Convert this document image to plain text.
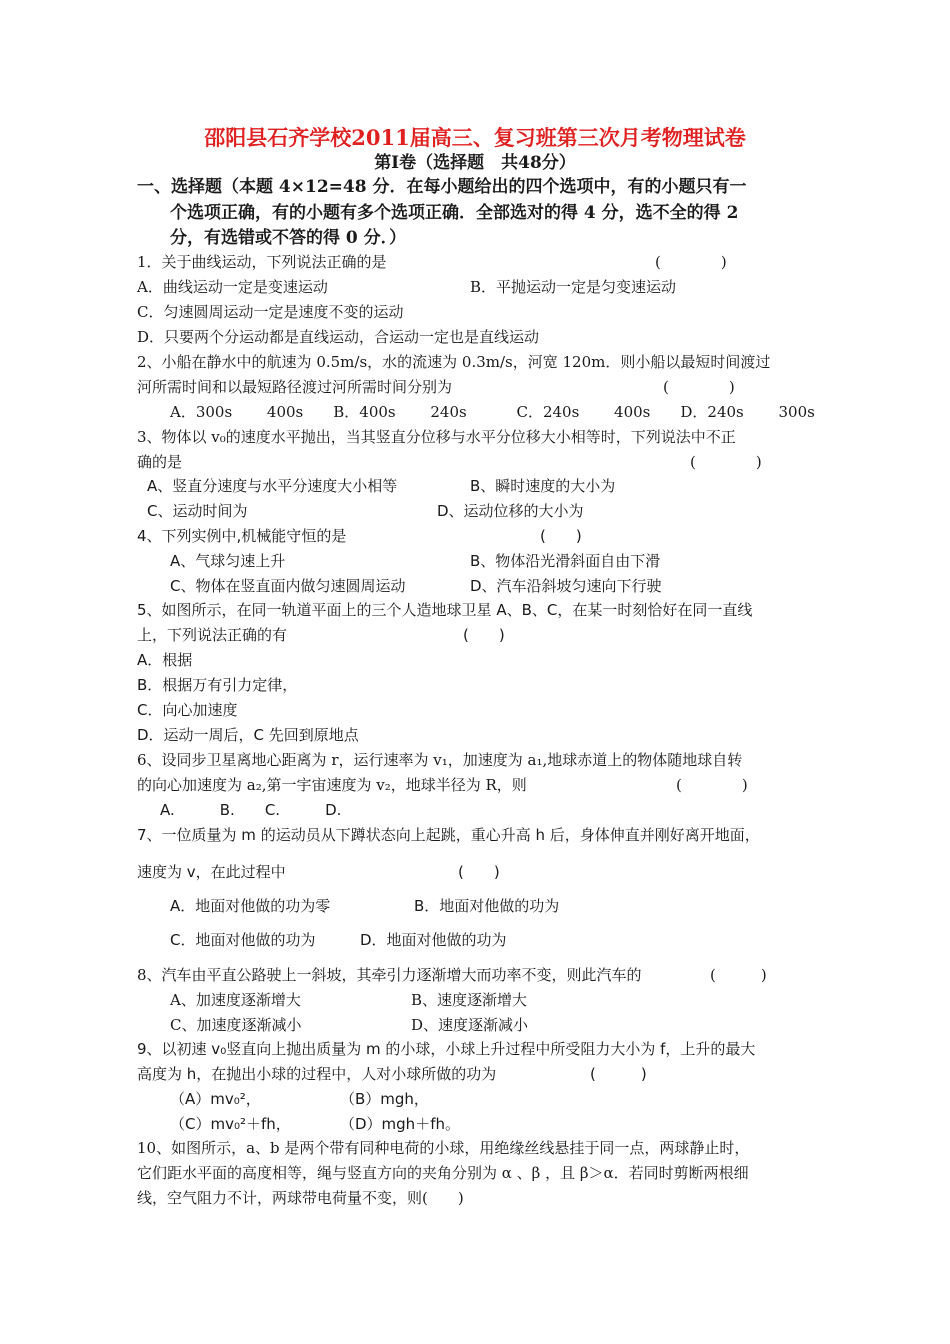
邵阳县石齐学校2011届高三、复习班第三次月考物理试卷
第Ⅰ卷（选择题　共48分）
一、选择题（本题 4×12=48 分．在每小题给出的四个选项中，有的小题只有一
个选项正确，有的小题有多个选项正确．全部选对的得 4 分，选不全的得 2
分，有选错或不答的得 0 分．）
1．关于曲线运动，下列说法正确的是	(　　　　)
A．曲线运动一定是变速运动	B．平抛运动一定是匀变速运动
C．匀速圆周运动一定是速度不变的运动
D．只要两个分运动都是直线运动，合运动一定也是直线运动
2、小船在静水中的航速为 0.5m/s，水的流速为 0.3m/s，河宽 120m．则小船以最短时间渡过
河所需时间和以最短路径渡过河所需时间分别为	(　　　　)
A．300s　　 400s　　B．400s　　 240s　　　 C．240s　　 400s　　D．240s　　 300s
3、物体以 v₀的速度水平抛出，当其竖直分位移与水平分位移大小相等时，下列说法中不正
确的是	(　　　　)
A、竖直分速度与水平分速度大小相等	B、瞬时速度的大小为
C、运动时间为	D、运动位移的大小为
4、下列实例中,机械能守恒的是	(　　)
A、气球匀速上升	B、物体沿光滑斜面自由下滑
C、物体在竖直面内做匀速圆周运动	D、汽车沿斜坡匀速向下行驶
5、如图所示，在同一轨道平面上的三个人造地球卫星 A、B、C，在某一时刻恰好在同一直线
上，下列说法正确的有	(　　)
A．根据
B．根据万有引力定律，
C．向心加速度
D．运动一周后，C 先回到原地点
6、设同步卫星离地心距离为 r，运行速率为 v₁，加速度为 a₁,地球赤道上的物体随地球自转
的向心加速度为 a₂,第一宇宙速度为 v₂，地球半径为 R，则	(　　　　)
A.　　　B.　　C.　　　D.
7、一位质量为 m 的运动员从下蹲状态向上起跳，重心升高 h 后，身体伸直并刚好离开地面，
速度为 v，在此过程中	(　　)
A．地面对他做的功为零	B．地面对他做的功为
C．地面对他做的功为	D．地面对他做的功为
8、汽车由平直公路驶上一斜坡，其牵引力逐渐增大而功率不变，则此汽车的	(　　　)
A、加速度逐渐增大	B、速度逐渐增大
C、加速度逐渐减小	D、速度逐渐减小
9、以初速 v₀竖直向上抛出质量为 m 的小球，小球上升过程中所受阻力大小为 f，上升的最大
高度为 h，在抛出小球的过程中，人对小球所做的功为	(　　　)
（A）mv₀²，	（B）mgh，
（C）mv₀²＋fh，	（D）mgh＋fh。
10、如图所示，a、b 是两个带有同种电荷的小球，用绝缘丝线悬挂于同一点，两球静止时，
它们距水平面的高度相等，绳与竖直方向的夹角分别为 α 、β ，且 β＞α．若同时剪断两根细
线，空气阻力不计，两球带电荷量不变，则(　　)
